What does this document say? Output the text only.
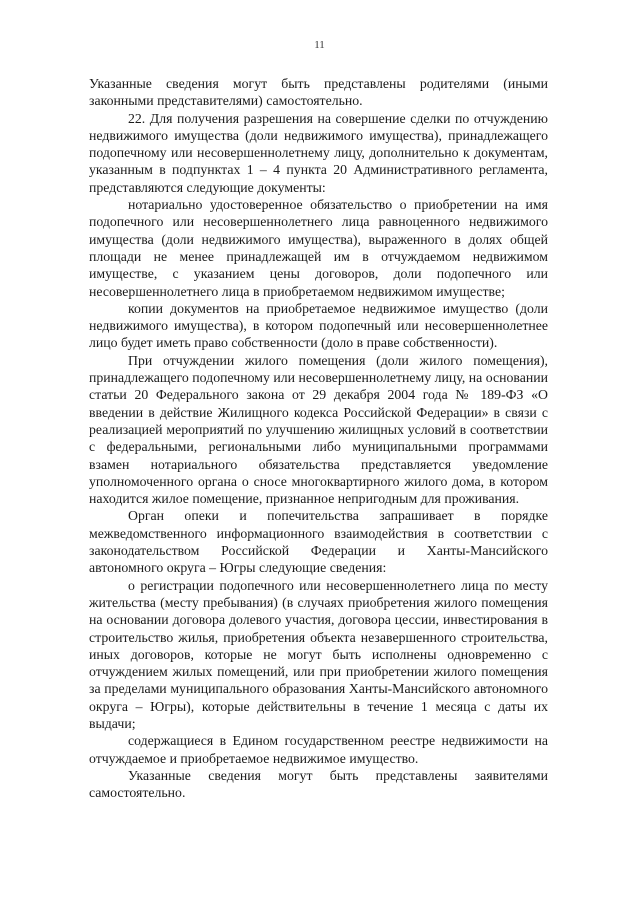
11

Указанные сведения могут быть представлены родителями (иными законными представителями) самостоятельно.

22. Для получения разрешения на совершение сделки по отчуждению недвижимого имущества (доли недвижимого имущества), принадлежащего подопечному или несовершеннолетнему лицу, дополнительно к документам, указанным в подпунктах 1 – 4 пункта 20 Административного регламента, представляются следующие документы:

нотариально удостоверенное обязательство о приобретении на имя подопечного или несовершеннолетнего лица равноценного недвижимого имущества (доли недвижимого имущества), выраженного в долях общей площади не менее принадлежащей им в отчуждаемом недвижимом имуществе, с указанием цены договоров, доли подопечного или несовершеннолетнего лица в приобретаемом недвижимом имуществе;

копии документов на приобретаемое недвижимое имущество (доли недвижимого имущества), в котором подопечный или несовершеннолетнее лицо будет иметь право собственности (доло в праве собственности).

При отчуждении жилого помещения (доли жилого помещения), принадлежащего подопечному или несовершеннолетнему лицу, на основании статьи 20 Федерального закона от 29 декабря 2004 года № 189-ФЗ «О введении в действие Жилищного кодекса Российской Федерации» в связи с реализацией мероприятий по улучшению жилищных условий в соответствии с федеральными, региональными либо муниципальными программами взамен нотариального обязательства представляется уведомление уполномоченного органа о сносе многоквартирного жилого дома, в котором находится жилое помещение, признанное непригодным для проживания.

Орган опеки и попечительства запрашивает в порядке межведомственного информационного взаимодействия в соответствии с законодательством Российской Федерации и Ханты-Мансийского автономного округа – Югры следующие сведения:

о регистрации подопечного или несовершеннолетнего лица по месту жительства (месту пребывания) (в случаях приобретения жилого помещения на основании договора долевого участия, договора цессии, инвестирования в строительство жилья, приобретения объекта незавершенного строительства, иных договоров, которые не могут быть исполнены одновременно с отчуждением жилых помещений, или при приобретении жилого помещения за пределами муниципального образования Ханты-Мансийского автономного округа – Югры), которые действительны в течение 1 месяца с даты их выдачи;

содержащиеся в Едином государственном реестре недвижимости на отчуждаемое и приобретаемое недвижимое имущество.

Указанные сведения могут быть представлены заявителями самостоятельно.
